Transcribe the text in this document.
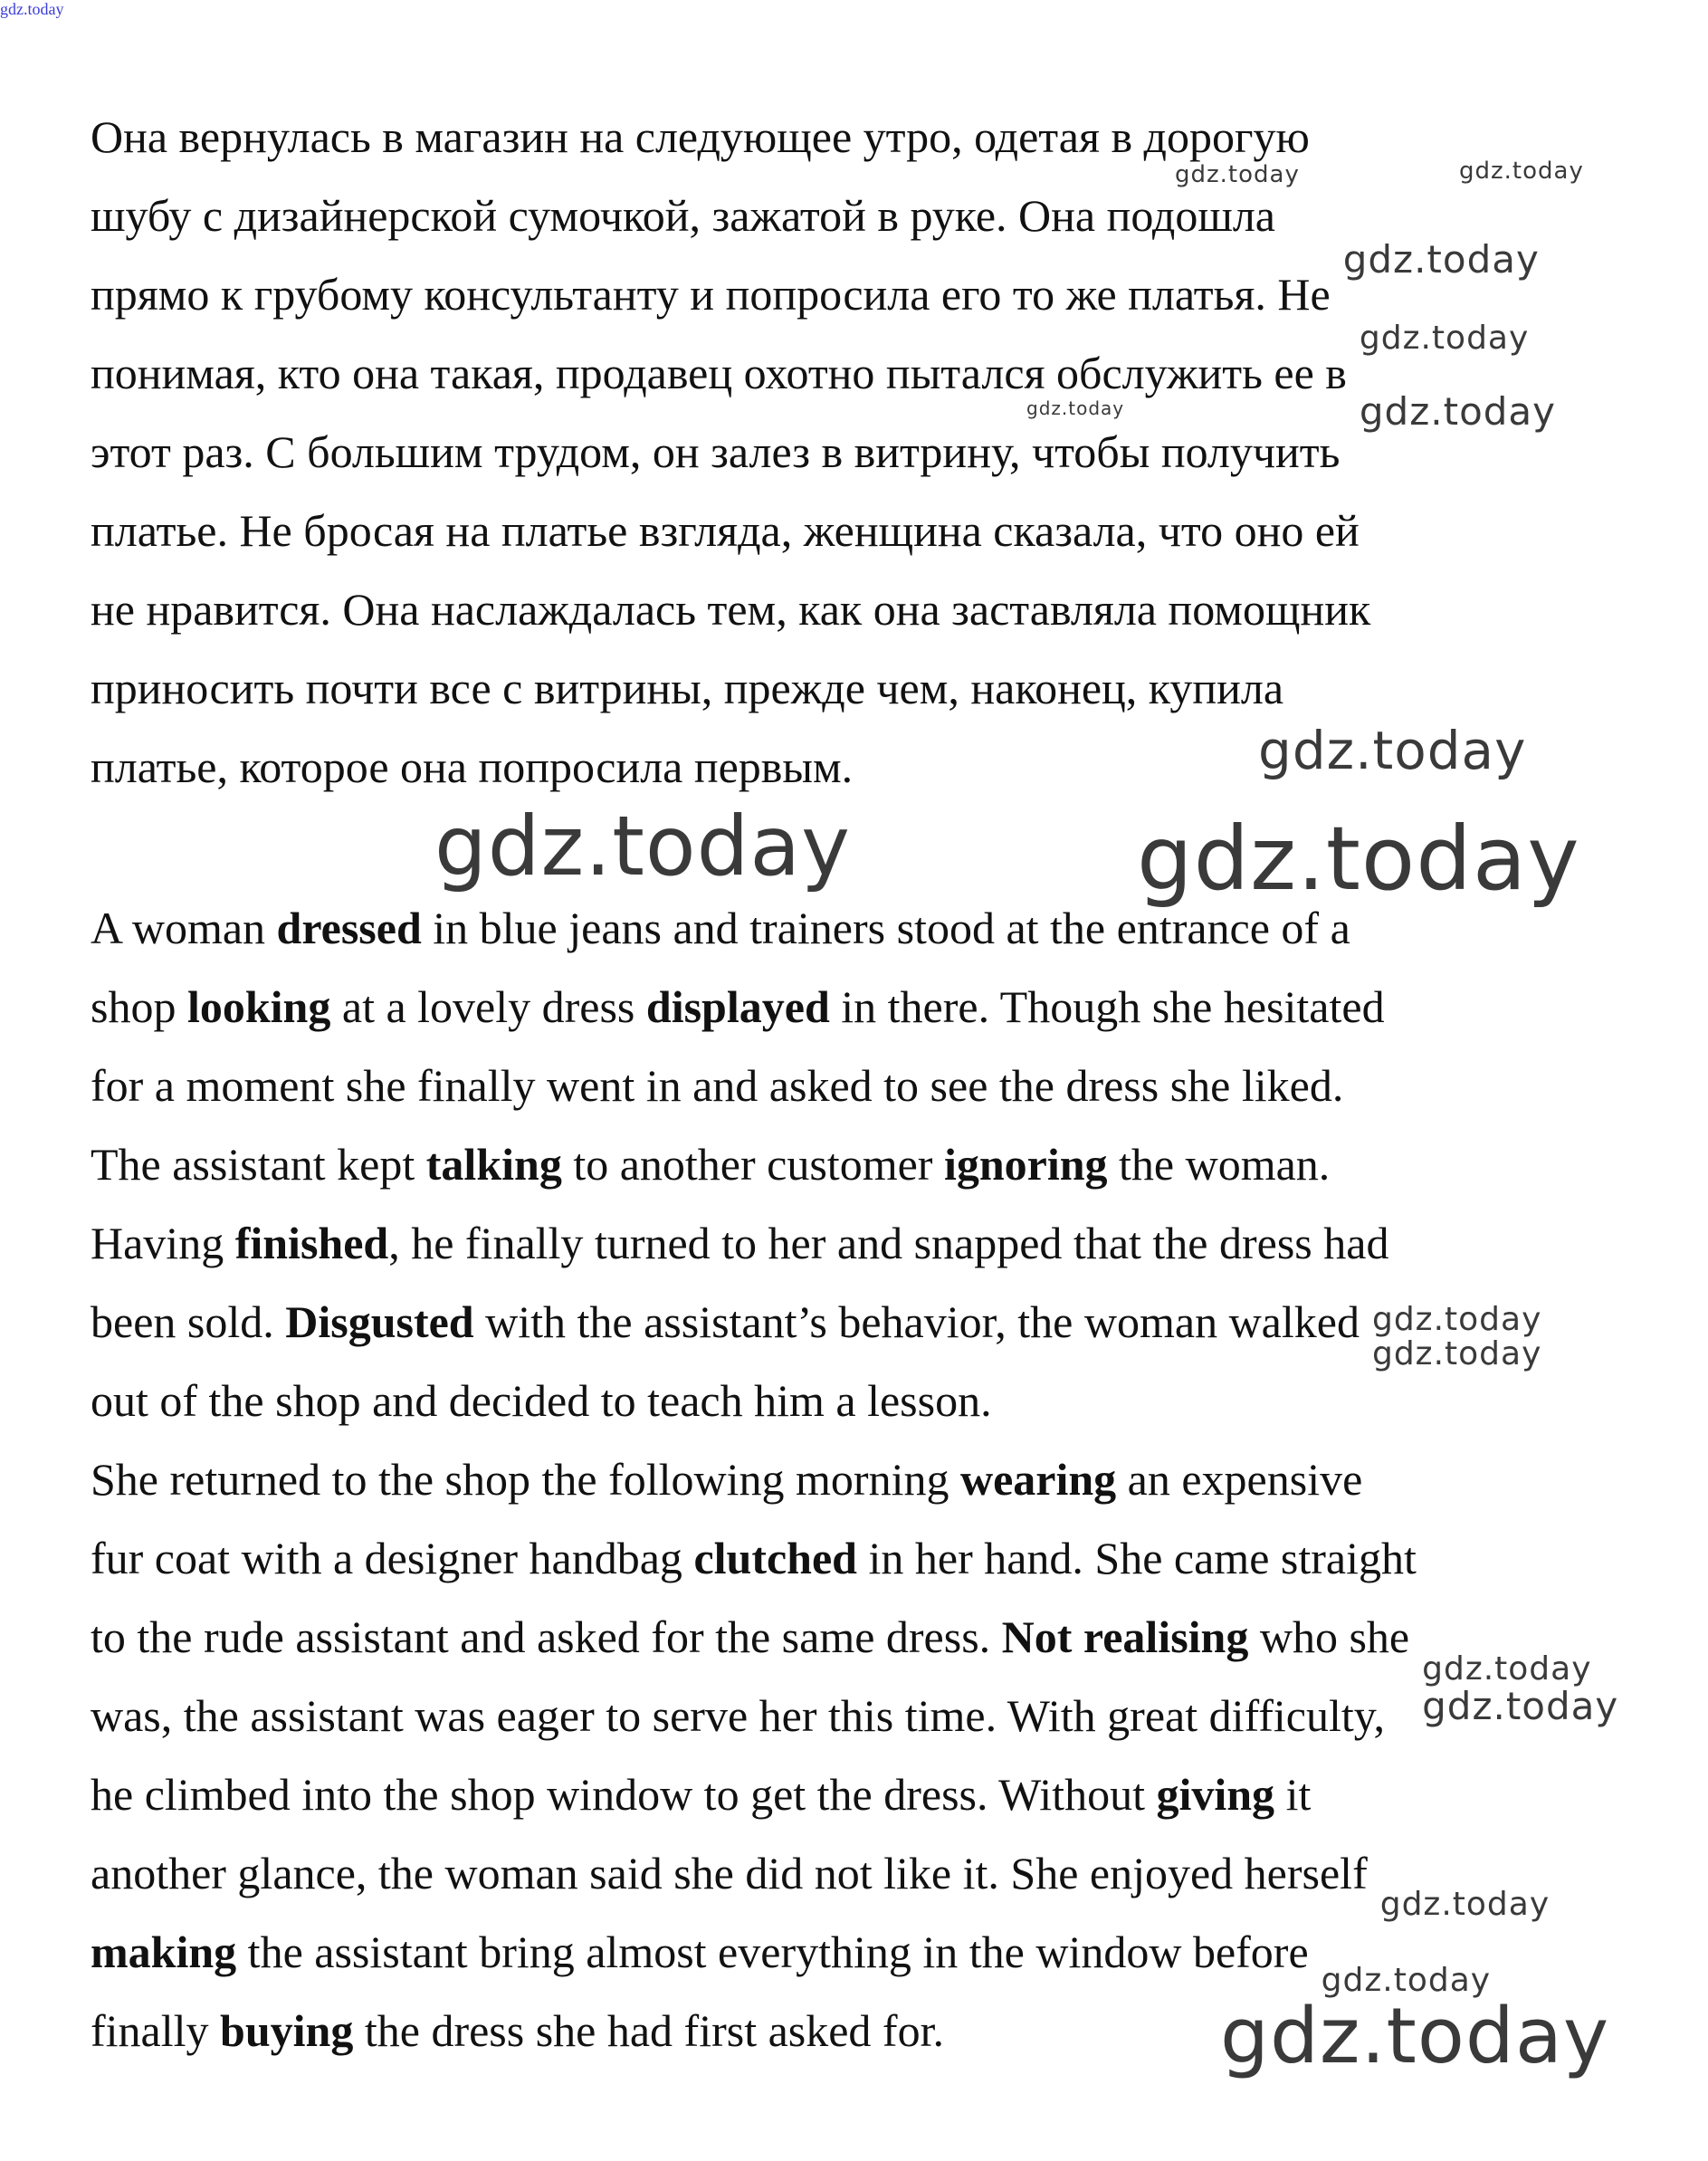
gdz.today
Она вернулась в магазин на следующее утро, одетая в дорогую
шубу с дизайнерской сумочкой, зажатой в руке. Она подошла
прямо к грубому консультанту и попросила его то же платья. Не
понимая, кто она такая, продавец охотно пытался обслужить ее в
этот раз. С большим трудом, он залез в витрину, чтобы получить
платье. Не бросая на платье взгляда, женщина сказала, что оно ей
не нравится. Она наслаждалась тем, как она заставляла помощник
приносить почти все с витрины, прежде чем, наконец, купила
платье, которое она попросила первым.
A woman dressed in blue jeans and trainers stood at the entrance of a
shop looking at a lovely dress displayed in there. Though she hesitated
for a moment she finally went in and asked to see the dress she liked.
The assistant kept talking to another customer ignoring the woman.
Having finished, he finally turned to her and snapped that the dress had
been sold. Disgusted with the assistant’s behavior, the woman walked
out of the shop and decided to teach him a lesson.
She returned to the shop the following morning wearing an expensive
fur coat with a designer handbag clutched in her hand. She came straight
to the rude assistant and asked for the same dress. Not realising who she
was, the assistant was eager to serve her this time. With great difficulty,
he climbed into the shop window to get the dress. Without giving it
another glance, the woman said she did not like it. She enjoyed herself
making the assistant bring almost everything in the window before
finally buying the dress she had first asked for.
gdz.today	gdz.today
gdz.today
gdz.today
gdz.today	gdz.today
gdz.today
gdz.today
gdz.today
gdz.today
gdz.today
gdz.today
gdz.today
gdz.today
gdz.today
gdz.today
